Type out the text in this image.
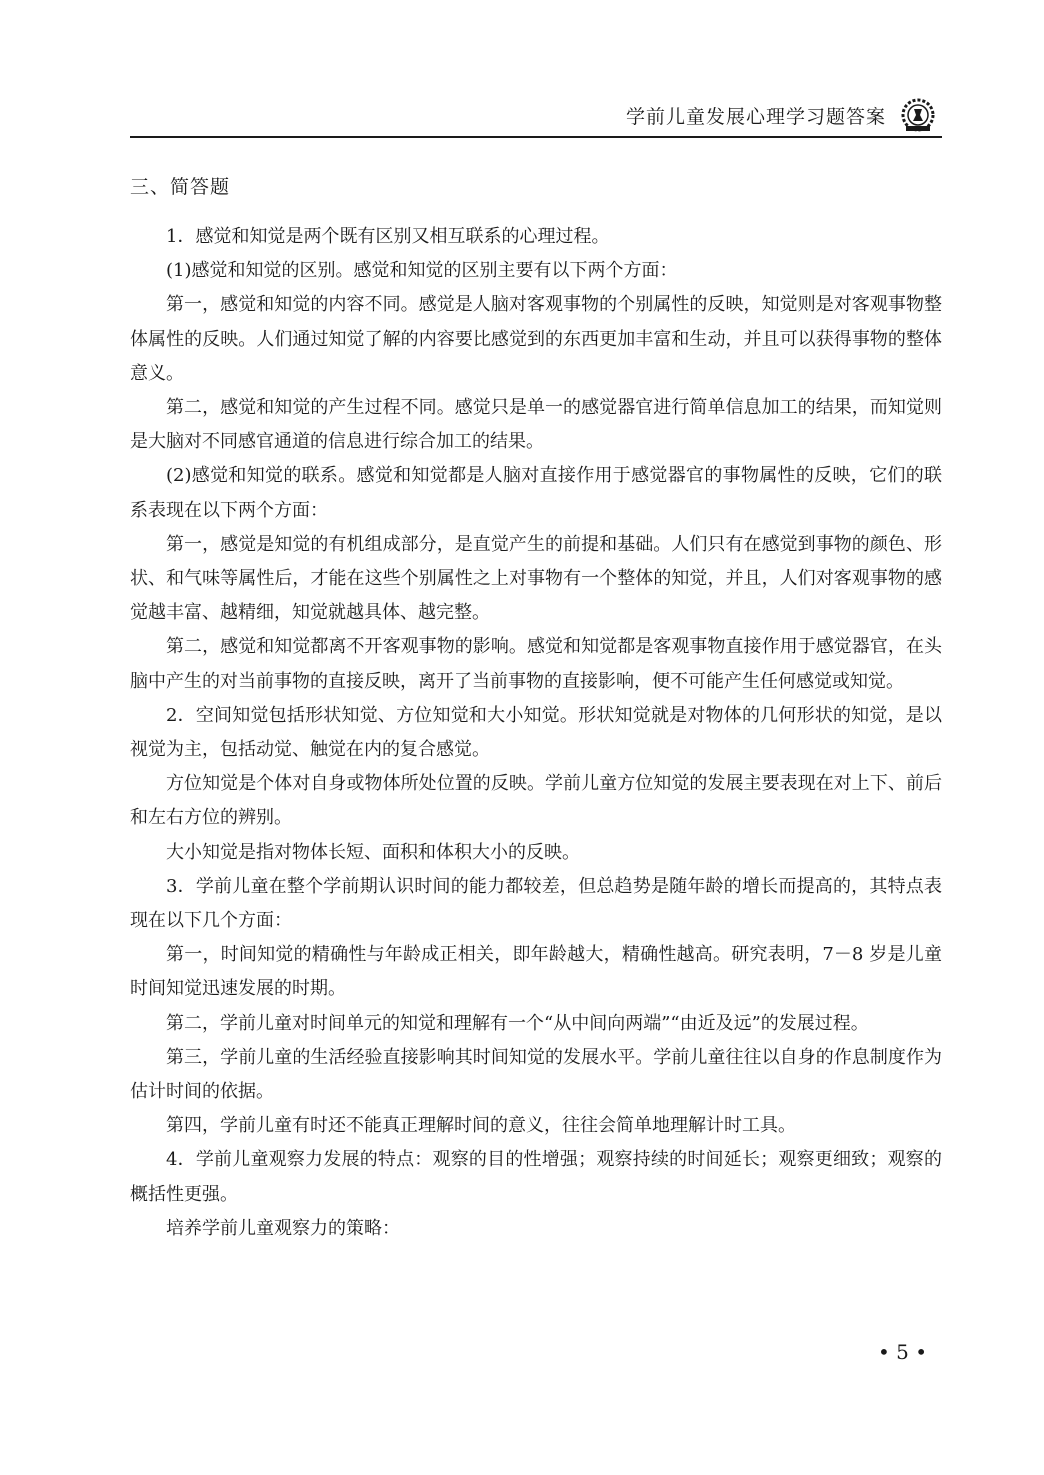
学前儿童发展心理学习题答案
三、简答题

1．感觉和知觉是两个既有区别又相互联系的心理过程。

(1)感觉和知觉的区别。感觉和知觉的区别主要有以下两个方面：

第一，感觉和知觉的内容不同。感觉是人脑对客观事物的个别属性的反映，知觉则是对客观事物整体属性的反映。人们通过知觉了解的内容要比感觉到的东西更加丰富和生动，并且可以获得事物的整体意义。

第二，感觉和知觉的产生过程不同。感觉只是单一的感觉器官进行简单信息加工的结果，而知觉则是大脑对不同感官通道的信息进行综合加工的结果。

(2)感觉和知觉的联系。感觉和知觉都是人脑对直接作用于感觉器官的事物属性的反映，它们的联系表现在以下两个方面：

第一，感觉是知觉的有机组成部分，是直觉产生的前提和基础。人们只有在感觉到事物的颜色、形状、和气味等属性后，才能在这些个别属性之上对事物有一个整体的知觉，并且，人们对客观事物的感觉越丰富、越精细，知觉就越具体、越完整。

第二，感觉和知觉都离不开客观事物的影响。感觉和知觉都是客观事物直接作用于感觉器官，在头脑中产生的对当前事物的直接反映，离开了当前事物的直接影响，便不可能产生任何感觉或知觉。

2．空间知觉包括形状知觉、方位知觉和大小知觉。形状知觉就是对物体的几何形状的知觉，是以视觉为主，包括动觉、触觉在内的复合感觉。

方位知觉是个体对自身或物体所处位置的反映。学前儿童方位知觉的发展主要表现在对上下、前后和左右方位的辨别。

大小知觉是指对物体长短、面积和体积大小的反映。

3．学前儿童在整个学前期认识时间的能力都较差，但总趋势是随年龄的增长而提高的，其特点表现在以下几个方面：

第一，时间知觉的精确性与年龄成正相关，即年龄越大，精确性越高。研究表明，7－8 岁是儿童时间知觉迅速发展的时期。

第二，学前儿童对时间单元的知觉和理解有一个“从中间向两端”“由近及远”的发展过程。

第三，学前儿童的生活经验直接影响其时间知觉的发展水平。学前儿童往往以自身的作息制度作为估计时间的依据。

第四，学前儿童有时还不能真正理解时间的意义，往往会简单地理解计时工具。

4．学前儿童观察力发展的特点：观察的目的性增强；观察持续的时间延长；观察更细致；观察的概括性更强。

培养学前儿童观察力的策略：

• 5 •
